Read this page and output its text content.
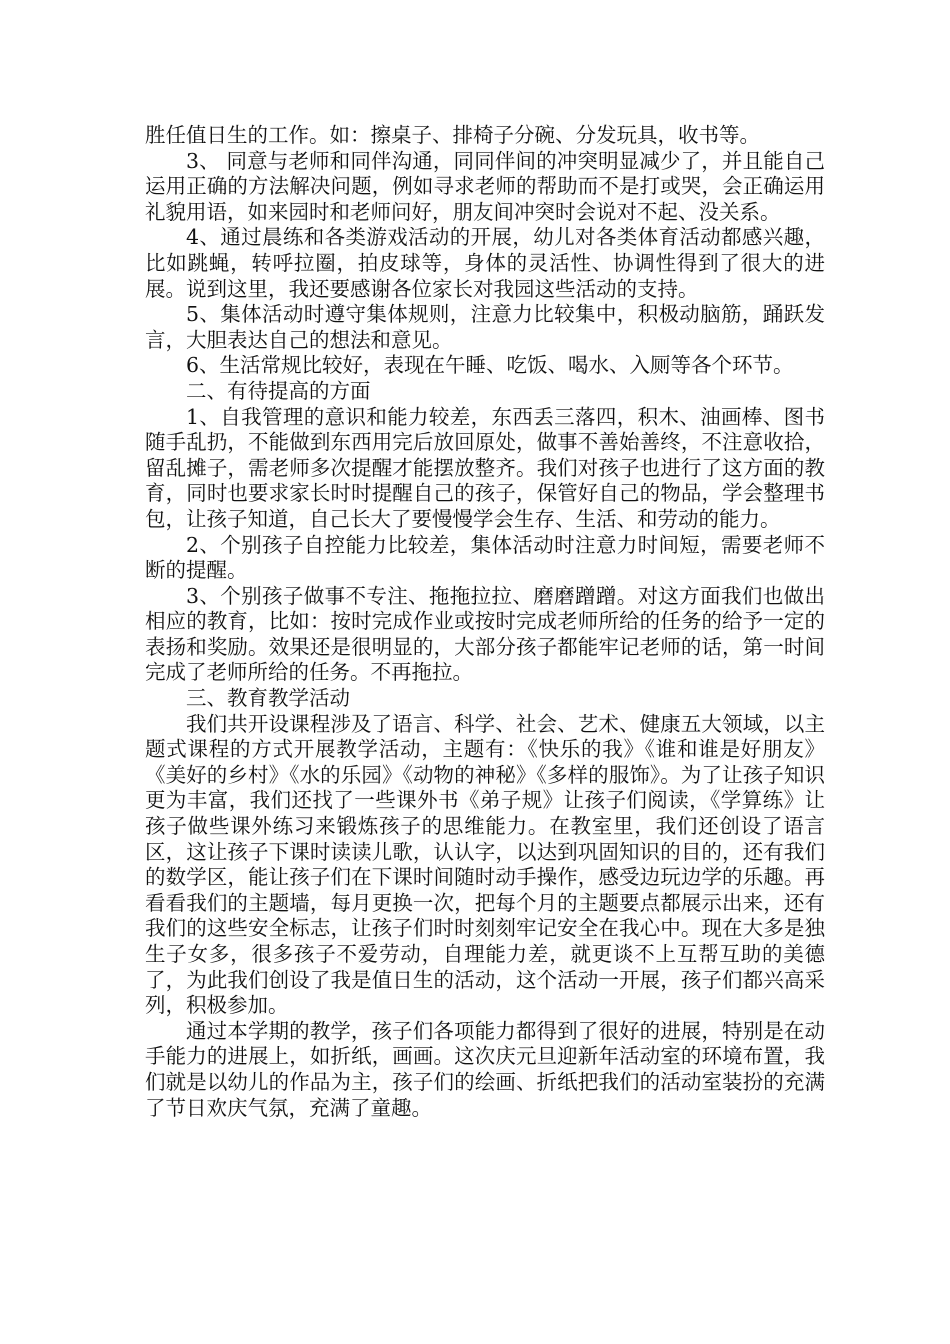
胜任值日生的工作。如：擦桌子、排椅子分碗、分发玩具，收书等。

3、 同意与老师和同伴沟通，同同伴间的冲突明显减少了，并且能自己运用正确的方法解决问题，例如寻求老师的帮助而不是打或哭，会正确运用礼貌用语，如来园时和老师问好，朋友间冲突时会说对不起、没关系。

4、通过晨练和各类游戏活动的开展，幼儿对各类体育活动都感兴趣，比如跳蝇，转呼拉圈，拍皮球等，身体的灵活性、协调性得到了很大的进展。说到这里，我还要感谢各位家长对我园这些活动的支持。

5、集体活动时遵守集体规则，注意力比较集中，积极动脑筋，踊跃发言，大胆表达自己的想法和意见。

6、生活常规比较好，表现在午睡、吃饭、喝水、入厕等各个环节。

二、有待提高的方面

1、自我管理的意识和能力较差，东西丢三落四，积木、油画棒、图书随手乱扔，不能做到东西用完后放回原处，做事不善始善终，不注意收拾，留乱摊子，需老师多次提醒才能摆放整齐。我们对孩子也进行了这方面的教育，同时也要求家长时时提醒自己的孩子，保管好自己的物品，学会整理书包，让孩子知道，自己长大了要慢慢学会生存、生活、和劳动的能力。

2、个别孩子自控能力比较差，集体活动时注意力时间短，需要老师不断的提醒。

3、个别孩子做事不专注、拖拖拉拉、磨磨蹭蹭。对这方面我们也做出相应的教育，比如：按时完成作业或按时完成老师所给的任务的给予一定的表扬和奖励。效果还是很明显的，大部分孩子都能牢记老师的话，第一时间完成了老师所给的任务。不再拖拉。

三、教育教学活动

我们共开设课程涉及了语言、科学、社会、艺术、健康五大领域，以主题式课程的方式开展教学活动，主题有：《快乐的我》《谁和谁是好朋友》《美好的乡村》《水的乐园》《动物的神秘》《多样的服饰》。为了让孩子知识更为丰富，我们还找了一些课外书《弟子规》让孩子们阅读，《学算练》让孩子做些课外练习来锻炼孩子的思维能力。在教室里，我们还创设了语言区，这让孩子下课时读读儿歌，认认字，以达到巩固知识的目的，还有我们的数学区，能让孩子们在下课时间随时动手操作，感受边玩边学的乐趣。再看看我们的主题墙，每月更换一次，把每个月的主题要点都展示出来，还有我们的这些安全标志，让孩子们时时刻刻牢记安全在我心中。现在大多是独生子女多，很多孩子不爱劳动，自理能力差，就更谈不上互帮互助的美德了，为此我们创设了我是值日生的活动，这个活动一开展，孩子们都兴高采列，积极参加。

通过本学期的教学，孩子们各项能力都得到了很好的进展，特别是在动手能力的进展上，如折纸，画画。这次庆元旦迎新年活动室的环境布置，我们就是以幼儿的作品为主，孩子们的绘画、折纸把我们的活动室装扮的充满了节日欢庆气氛，充满了童趣。
